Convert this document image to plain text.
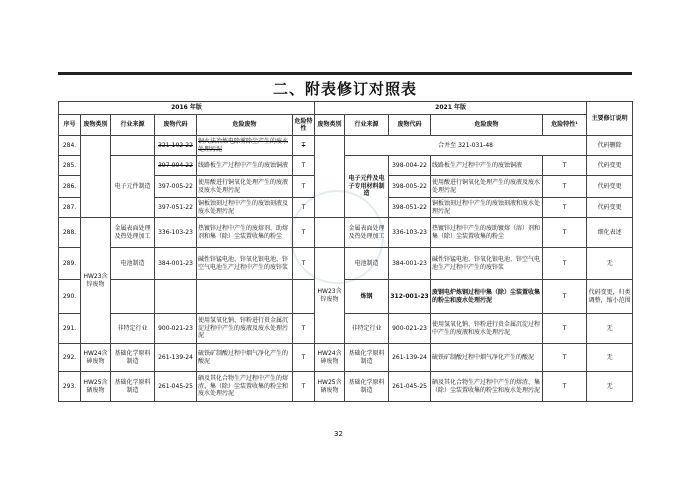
二、附表修订对照表
2016 年版						2021 年版					主要修订说明
序号	废物类别	行业来源	废物代码	危险废物	危险特性	废物类别	行业来源	废物代码	危险废物	危险特性¹	
284.			321-102-22	铜火法冶炼电除雾除尘产生的废水处理污泥	T		合并至 321-031-48				代码删除
285.		电子元件制造	397-004-22	线路板生产过程中产生的废蚀铜液	T		电子元件及电子专用材料制造	398-004-22	线路板生产过程中产生的废蚀铜液	T	代码变更
286.			397-005-22	使用酸进行铜氧化处理产生的废液及废水处理污泥	T			398-005-22	使用酸进行铜氧化处理产生的废液及废水处理污泥	T	代码变更
287.			397-051-22	铜板蚀刻过程中产生的废蚀刻液及废水处理污泥	T			398-051-22	铜板蚀刻过程中产生的废蚀刻液和废水处理污泥	T	代码变更
288.	HW23含锌废物	金属表面处理及热处理加工	336-103-23	热镀锌过程中产生的废熔剂、助熔剂和集（除）尘装置收集的粉尘	T		金属表面处理及热处理加工	336-103-23	热镀锌过程中产生的废助镀熔（溶）剂和集（除）尘装置收集的粉尘	T	细化表述
289.		电池制造	384-001-23	碱性锌锰电池、锌氧化银电池、锌空气电池生产过程中产生的废锌浆	T	HW23含锌废物	电池制造	384-001-23	碱性锌锰电池、锌氧化银电池、锌空气电池生产过程中产生的废锌浆	T	无
290.							炼钢	312-001-23	废钢电炉炼钢过程中集（除）尘装置收集的粉尘和废水处理污泥	T	代码变更，归类调整，缩小范围
291.		非特定行业	900-021-23	使用氢氧化钠、锌粉进行贵金属沉淀过程中产生的废液及废水处理污泥	T		非特定行业	900-021-23	使用氢氧化钠、锌粉进行贵金属沉淀过程中产生的废液和废水处理污泥	T	无
292.	HW24含砷废物	基础化学原料制造	261-139-24	硫铁矿制酸过程中烟气净化产生的酸泥	T	HW24含砷废物	基础化学原料制造	261-139-24	硫铁矿制酸过程中烟气净化产生的酸泥	T	无
293.	HW25含硒废物	基础化学原料制造	261-045-25	硒及其化合物生产过程中产生的熔渣、集（除）尘装置收集的粉尘和废水处理污泥	T	HW25含硒废物	基础化学原料制造	261-045-25	硒及其化合物生产过程中产生的熔渣、集（除）尘装置收集的粉尘和废水处理污泥	T	无
32
